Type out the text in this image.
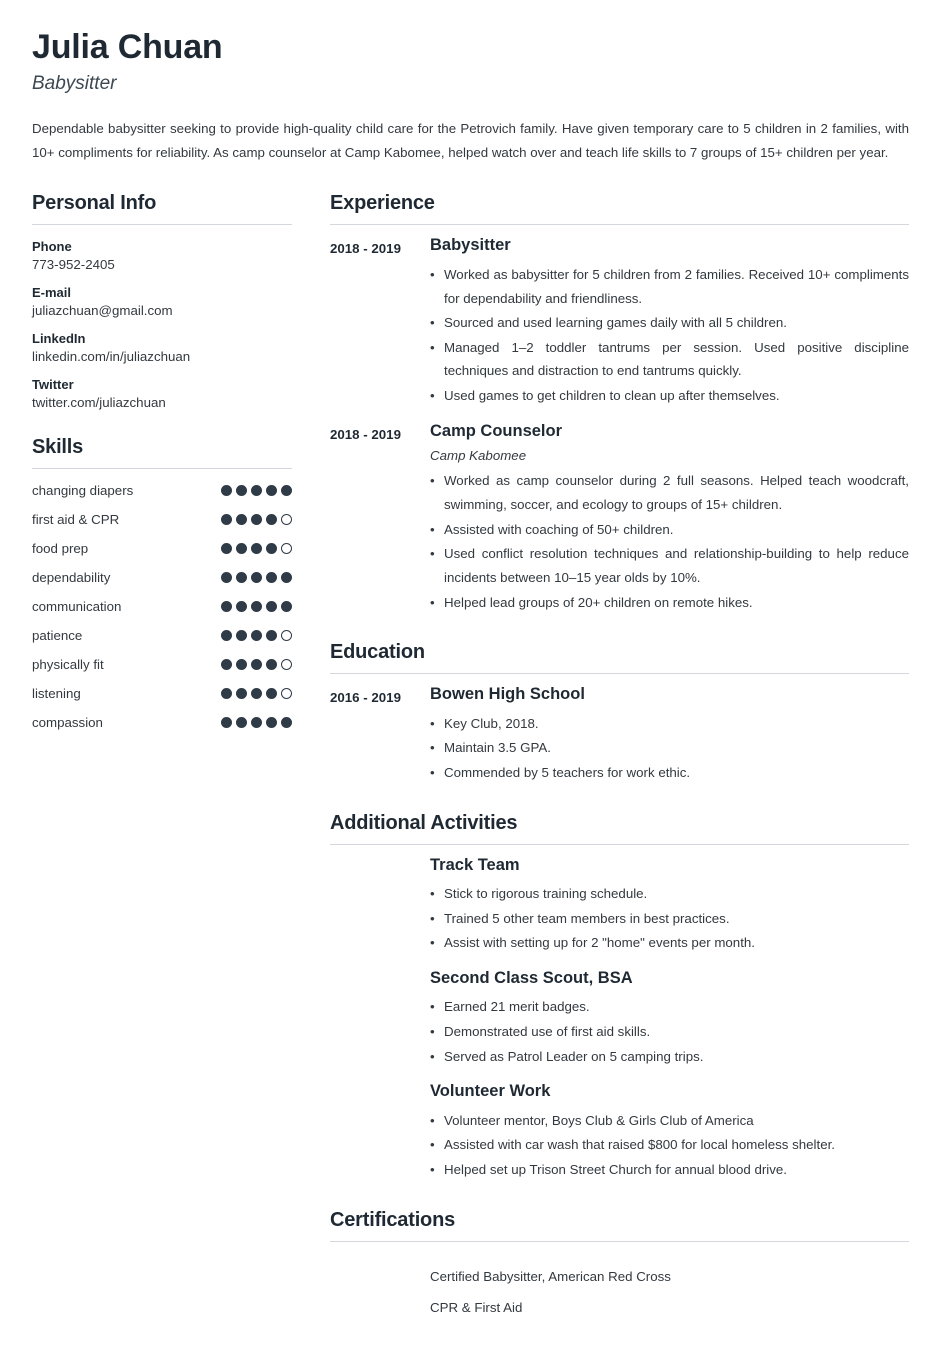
Julia Chuan
Babysitter

Dependable babysitter seeking to provide high-quality child care for the Petrovich family. Have given temporary care to 5 children in 2 families, with 10+ compliments for reliability. As camp counselor at Camp Kabomee, helped watch over and teach life skills to 7 groups of 15+ children per year.

Personal Info
Phone
773-952-2405
E-mail
juliazchuan@gmail.com
LinkedIn
linkedin.com/in/juliazchuan
Twitter
twitter.com/juliazchuan
Skills
changing diapers
first aid & CPR
food prep
dependability
communication
patience
physically fit
listening
compassion
Experience
2018 - 2019	Babysitter
• Worked as babysitter for 5 children from 2 families. Received 10+ compliments for dependability and friendliness.
• Sourced and used learning games daily with all 5 children.
• Managed 1–2 toddler tantrums per session. Used positive discipline techniques and distraction to end tantrums quickly.
• Used games to get children to clean up after themselves.
2018 - 2019	Camp Counselor
Camp Kabomee
• Worked as camp counselor during 2 full seasons. Helped teach woodcraft, swimming, soccer, and ecology to groups of 15+ children.
• Assisted with coaching of 50+ children.
• Used conflict resolution techniques and relationship-building to help reduce incidents between 10–15 year olds by 10%.
• Helped lead groups of 20+ children on remote hikes.
Education
2016 - 2019	Bowen High School
• Key Club, 2018.
• Maintain 3.5 GPA.
• Commended by 5 teachers for work ethic.
Additional Activities
Track Team
• Stick to rigorous training schedule.
• Trained 5 other team members in best practices.
• Assist with setting up for 2 "home" events per month.
Second Class Scout, BSA
• Earned 21 merit badges.
• Demonstrated use of first aid skills.
• Served as Patrol Leader on 5 camping trips.
Volunteer Work
• Volunteer mentor, Boys Club & Girls Club of America
• Assisted with car wash that raised $800 for local homeless shelter.
• Helped set up Trison Street Church for annual blood drive.
Certifications
Certified Babysitter, American Red Cross
CPR & First Aid
